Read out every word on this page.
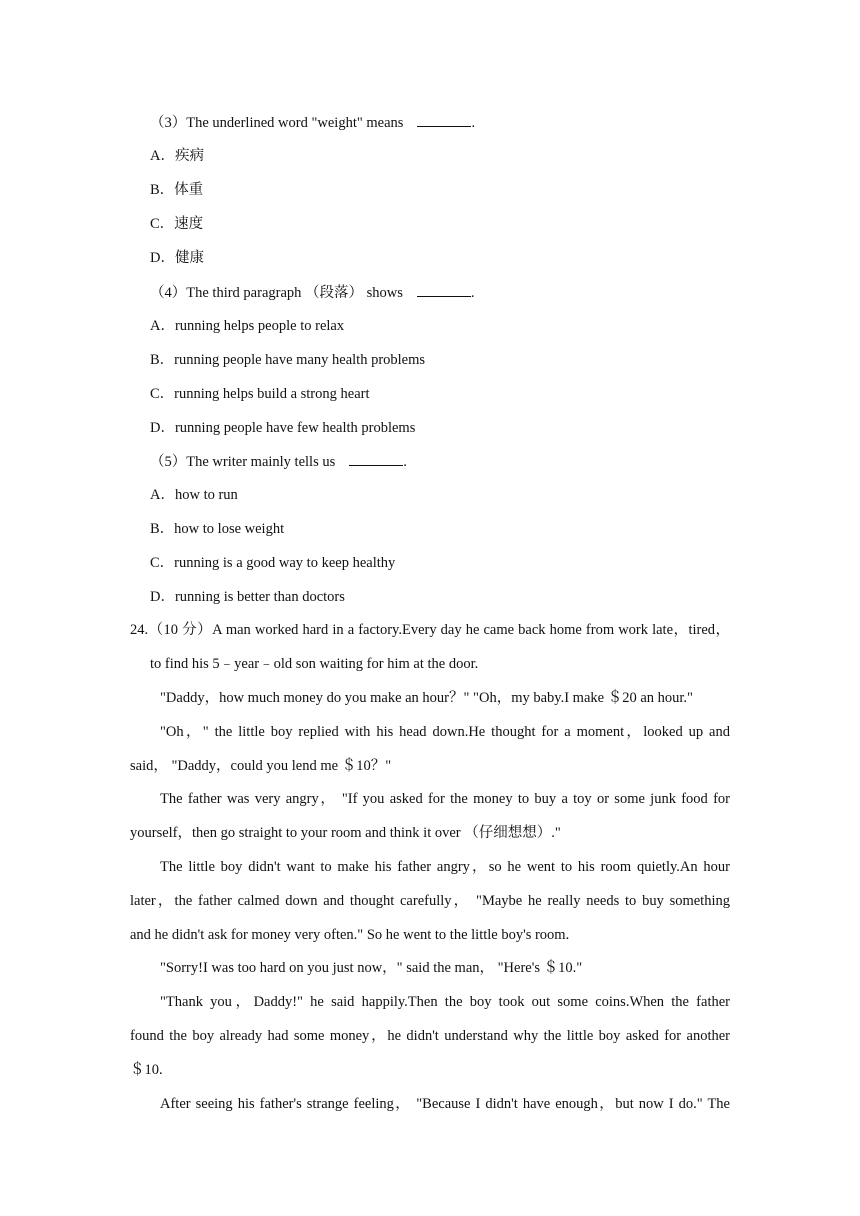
（3）The underlined word "weight" means	.
A．疾病
B．体重
C．速度
D．健康
（4）The third paragraph （段落） shows	.
A．running helps people to relax
B．running people have many health problems
C．running helps build a strong heart
D．running people have few health problems
（5）The writer mainly tells us	.
A．how to run
B．how to lose weight
C．running is a good way to keep healthy
D．running is better than doctors
24.（10 分）A man worked hard in a factory.Every day he came back home from work late，tired，
to find his 5﹣year﹣old son waiting for him at the door.
"Daddy，how much money do you make an hour？" "Oh，my baby.I make ＄20 an hour."
"Oh，" the little boy replied with his head down.He thought for a moment，looked up and
said， "Daddy，could you lend me ＄10？"
The father was very angry， "If you asked for the money to buy a toy or some junk food for
yourself，then go straight to your room and think it over （仔细想想）."
The little boy didn't want to make his father angry，so he went to his room quietly.An hour
later，the father calmed down and thought carefully， "Maybe he really needs to buy something
and he didn't ask for money very often." So he went to the little boy's room.
"Sorry!I was too hard on you just now，" said the man， "Here's ＄10."
"Thank you，Daddy!" he said happily.Then the boy took out some coins.When the father
found the boy already had some money，he didn't understand why the little boy asked for another
＄10.
After seeing his father's strange feeling， "Because I didn't have enough，but now I do." The
